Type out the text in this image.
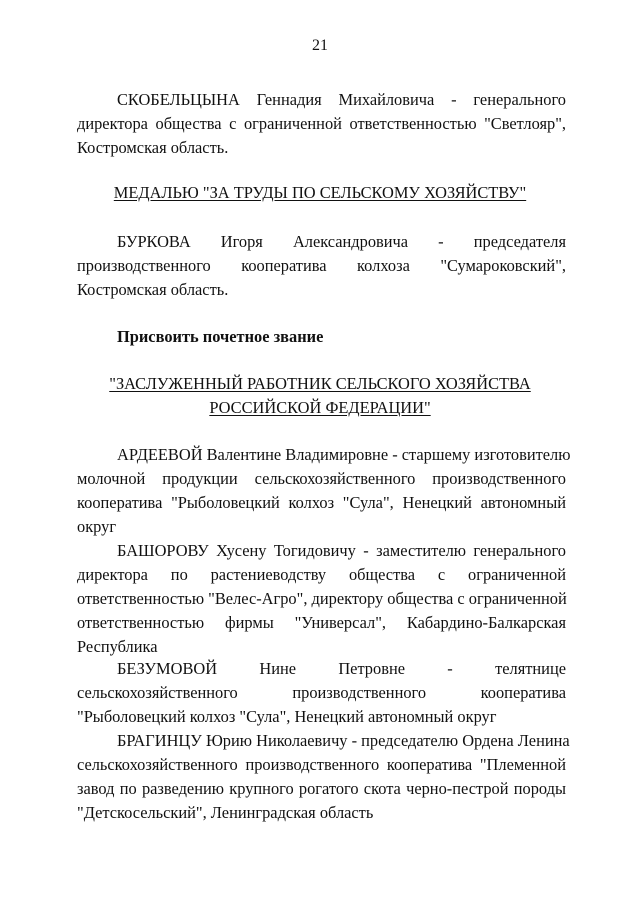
21
СКОБЕЛЬЦЫНА Геннадия Михайловича - генерального
директора общества с ограниченной ответственностью "Светлояр",
Костромская область.
МЕДАЛЬЮ "ЗА ТРУДЫ ПО СЕЛЬСКОМУ ХОЗЯЙСТВУ"
БУРКОВА Игоря Александровича - председателя
производственного кооператива колхоза "Сумароковский",
Костромская область.
Присвоить почетное звание
"ЗАСЛУЖЕННЫЙ РАБОТНИК СЕЛЬСКОГО ХОЗЯЙСТВА
РОССИЙСКОЙ ФЕДЕРАЦИИ"
АРДЕЕВОЙ Валентине Владимировне - старшему изготовителю
молочной продукции сельскохозяйственного производственного
кооператива "Рыболовецкий колхоз "Сула", Ненецкий автономный
округ
БАШОРОВУ Хусену Тогидовичу - заместителю генерального
директора по растениеводству общества с ограниченной
ответственностью "Велес-Агро", директору общества с ограниченной
ответственностью фирмы "Универсал", Кабардино-Балкарская
Республика
БЕЗУМОВОЙ Нине Петровне - телятнице
сельскохозяйственного производственного кооператива
"Рыболовецкий колхоз "Сула", Ненецкий автономный округ
БРАГИНЦУ Юрию Николаевичу - председателю Ордена Ленина
сельскохозяйственного производственного кооператива "Племенной
завод по разведению крупного рогатого скота черно-пестрой породы
"Детскосельский", Ленинградская область
